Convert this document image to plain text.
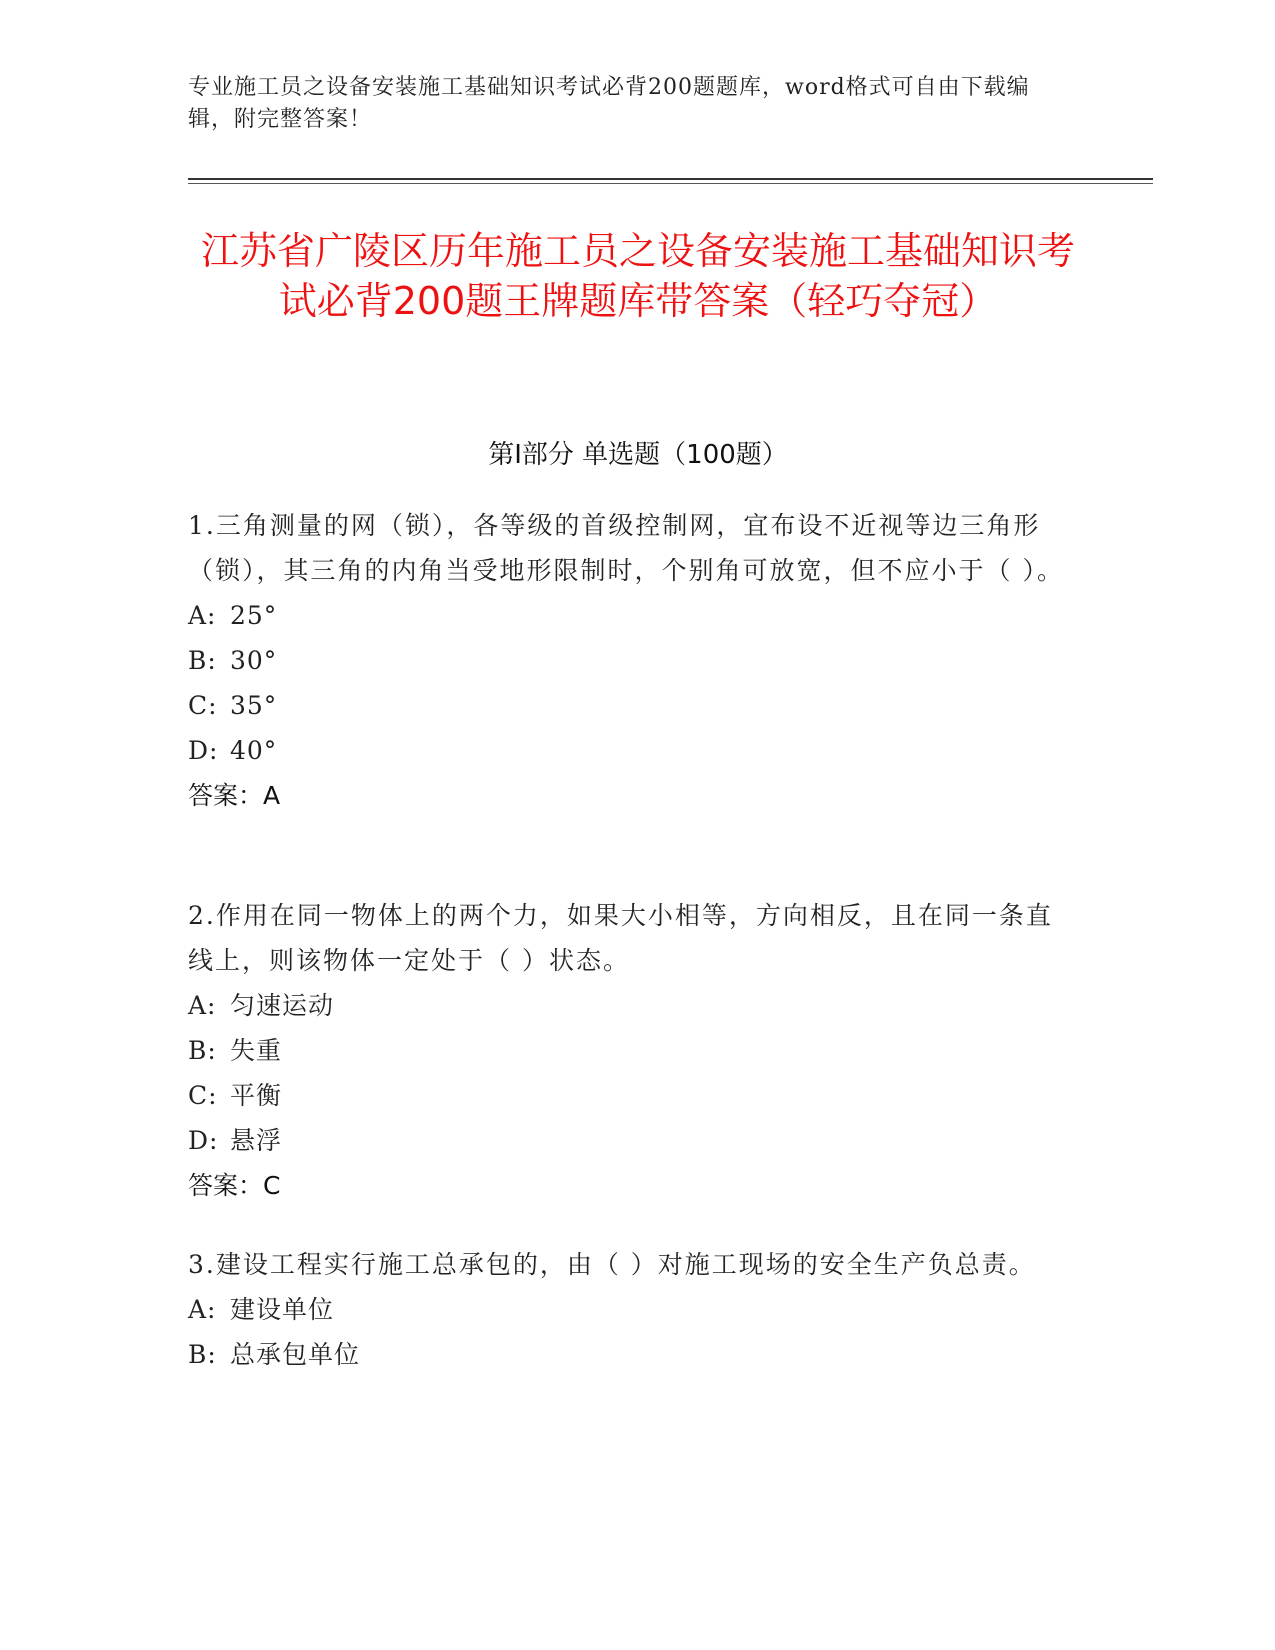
专业施工员之设备安装施工基础知识考试必背200题题库，word格式可自由下载编辑，附完整答案！
江苏省广陵区历年施工员之设备安装施工基础知识考试必背200题王牌题库带答案（轻巧夺冠）
第I部分 单选题（100题）
1.三角测量的网（锁），各等级的首级控制网，宜布设不近视等边三角形（锁），其三角的内角当受地形限制时，个别角可放宽，但不应小于（ ）。
A: 25°
B: 30°
C: 35°
D: 40°
答案：A
2.作用在同一物体上的两个力，如果大小相等，方向相反，且在同一条直线上，则该物体一定处于（ ）状态。
A: 匀速运动
B: 失重
C: 平衡
D: 悬浮
答案：C
3.建设工程实行施工总承包的，由（ ）对施工现场的安全生产负总责。
A: 建设单位
B: 总承包单位
